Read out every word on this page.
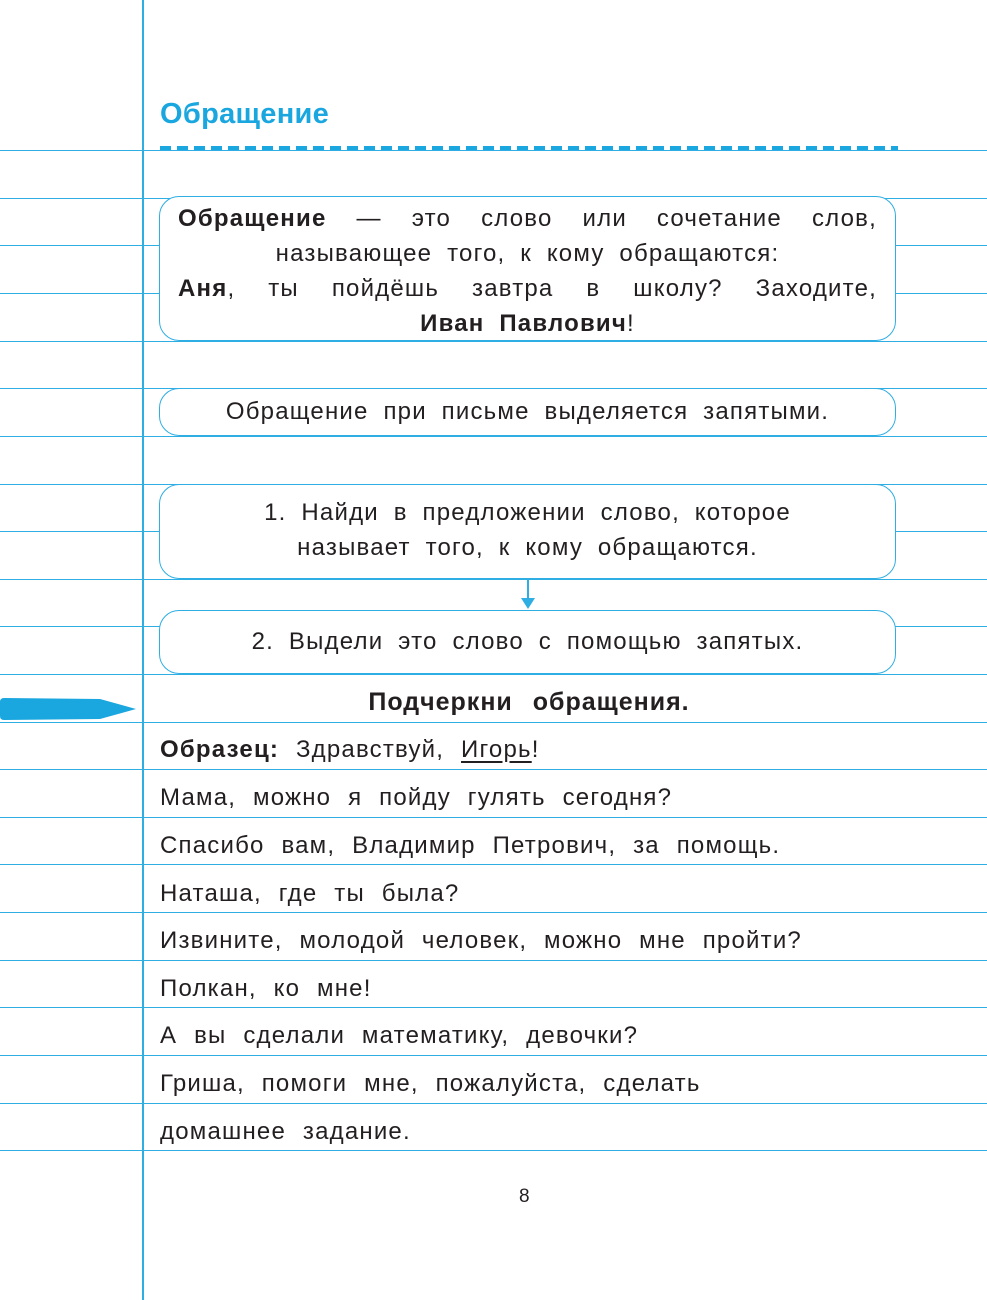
Обращение
Обращение — это слово или сочетание слов,
называющее того, к кому обращаются:
Аня, ты пойдёшь завтра в школу? Заходите,
Иван Павлович!
Обращение при письме выделяется запятыми.
1. Найди в предложении слово, которое
называет того, к кому обращаются.
2. Выдели это слово с помощью запятых.
Подчеркни обращения.
Образец: Здравствуй, Игорь!
Мама, можно я пойду гулять сегодня?
Спасибо вам, Владимир Петрович, за помощь.
Наташа, где ты была?
Извините, молодой человек, можно мне пройти?
Полкан, ко мне!
А вы сделали математику, девочки?
Гриша, помоги мне, пожалуйста, сделать
домашнее задание.
8
